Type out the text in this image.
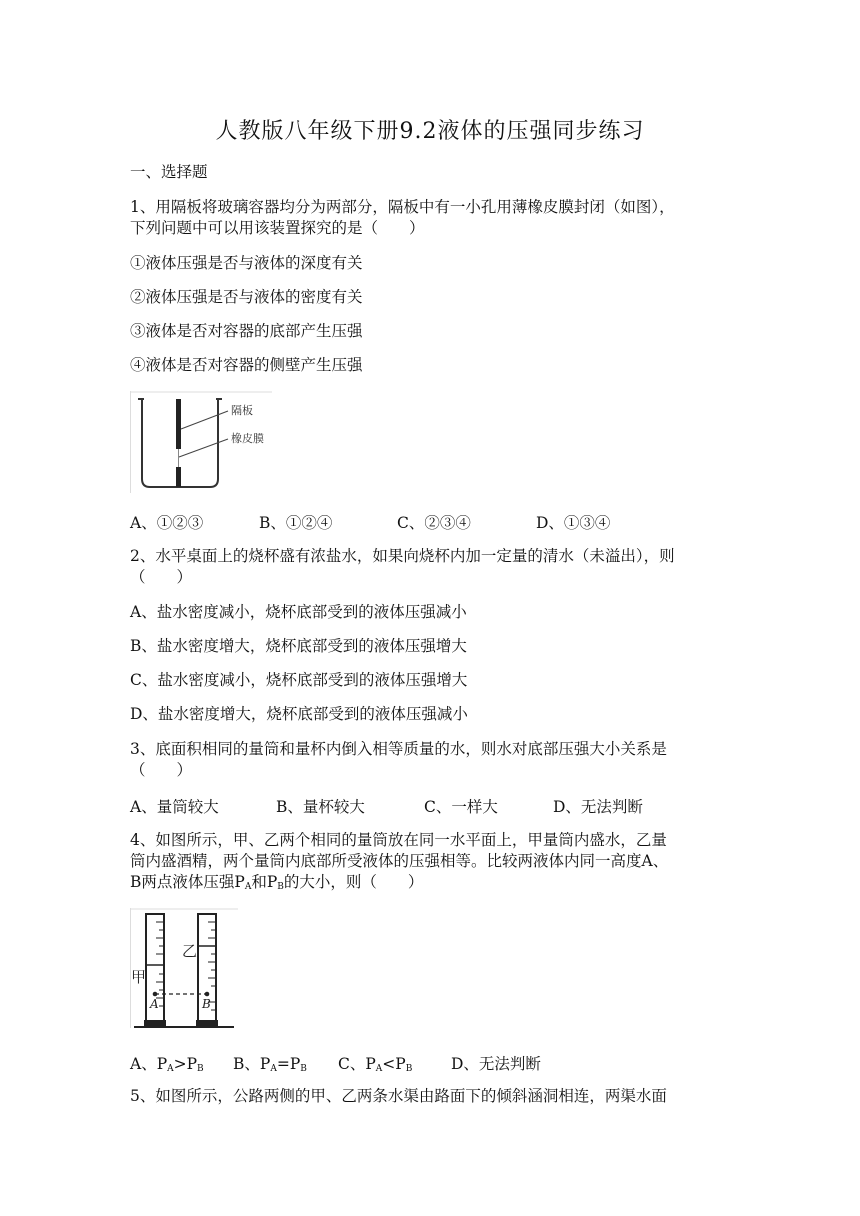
人教版八年级下册9.2液体的压强同步练习
一、选择题
1、用隔板将玻璃容器均分为两部分，隔板中有一小孔用薄橡皮膜封闭（如图），
下列问题中可以用该装置探究的是（　　）
①液体压强是否与液体的深度有关
②液体压强是否与液体的密度有关
③液体是否对容器的底部产生压强
④液体是否对容器的侧壁产生压强
隔板
橡皮膜
A、①②③	B、①②④	C、②③④	D、①③④
2、水平桌面上的烧杯盛有浓盐水，如果向烧杯内加一定量的清水（未溢出），则
（　　）
A、盐水密度减小，烧杯底部受到的液体压强减小
B、盐水密度增大，烧杯底部受到的液体压强增大
C、盐水密度减小，烧杯底部受到的液体压强增大
D、盐水密度增大，烧杯底部受到的液体压强减小
3、底面积相同的量筒和量杯内倒入相等质量的水，则水对底部压强大小关系是
（　　）
A、量筒较大	B、量杯较大	C、一样大	D、无法判断
4、如图所示，甲、乙两个相同的量筒放在同一水平面上，甲量筒内盛水，乙量
筒内盛酒精，两个量筒内底部所受液体的压强相等。比较两液体内同一高度A、
B两点液体压强$P_A$和$P_B$的大小，则（　　）
A	B
甲
乙
A、$P_A>P_B$ B、$P_A=P_B$ C、$P_A<P_B$ D、无法判断
5、如图所示，公路两侧的甲、乙两条水渠由路面下的倾斜涵洞相连，两渠水面
